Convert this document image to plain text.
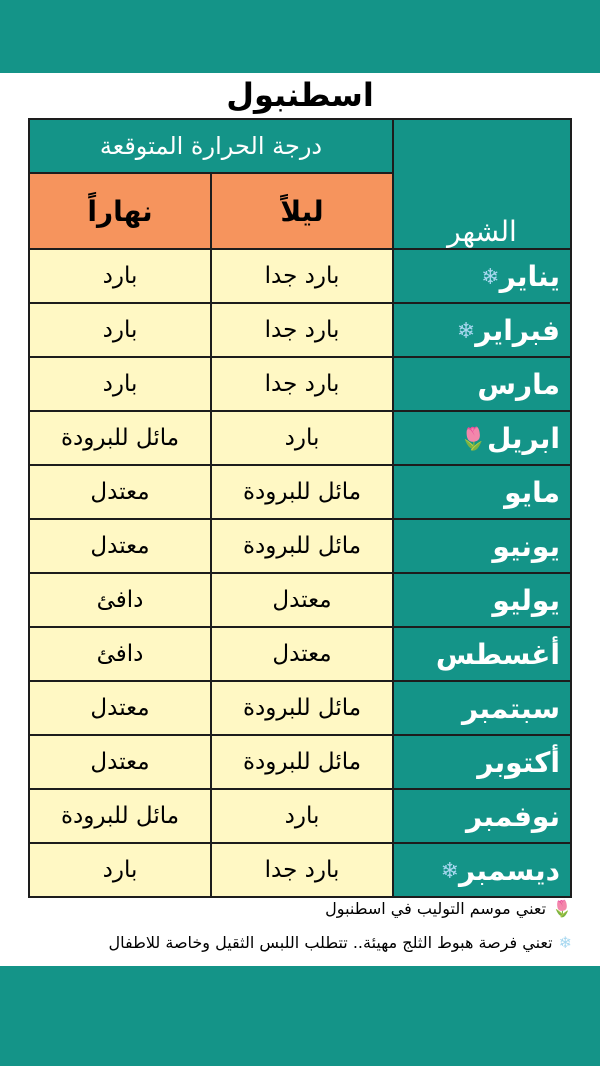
اسطنبول
الشهر	درجة الحرارة المتوقعة	
	ليلاً	نهاراً
يناير❄	بارد جدا	بارد
فبراير❄	بارد جدا	بارد
مارس	بارد جدا	بارد
ابريل🌷	بارد	مائل للبرودة
مايو	مائل للبرودة	معتدل
يونيو	مائل للبرودة	معتدل
يوليو	معتدل	دافئ
أغسطس	معتدل	دافئ
سبتمبر	مائل للبرودة	معتدل
أكتوبر	مائل للبرودة	معتدل
نوفمبر	بارد	مائل للبرودة
ديسمبر❄	بارد جدا	بارد
🌷تعني موسم التوليب في اسطنبول
❄تعني فرصة هبوط الثلج مهيئة.. تتطلب اللبس الثقيل وخاصة للاطفال
